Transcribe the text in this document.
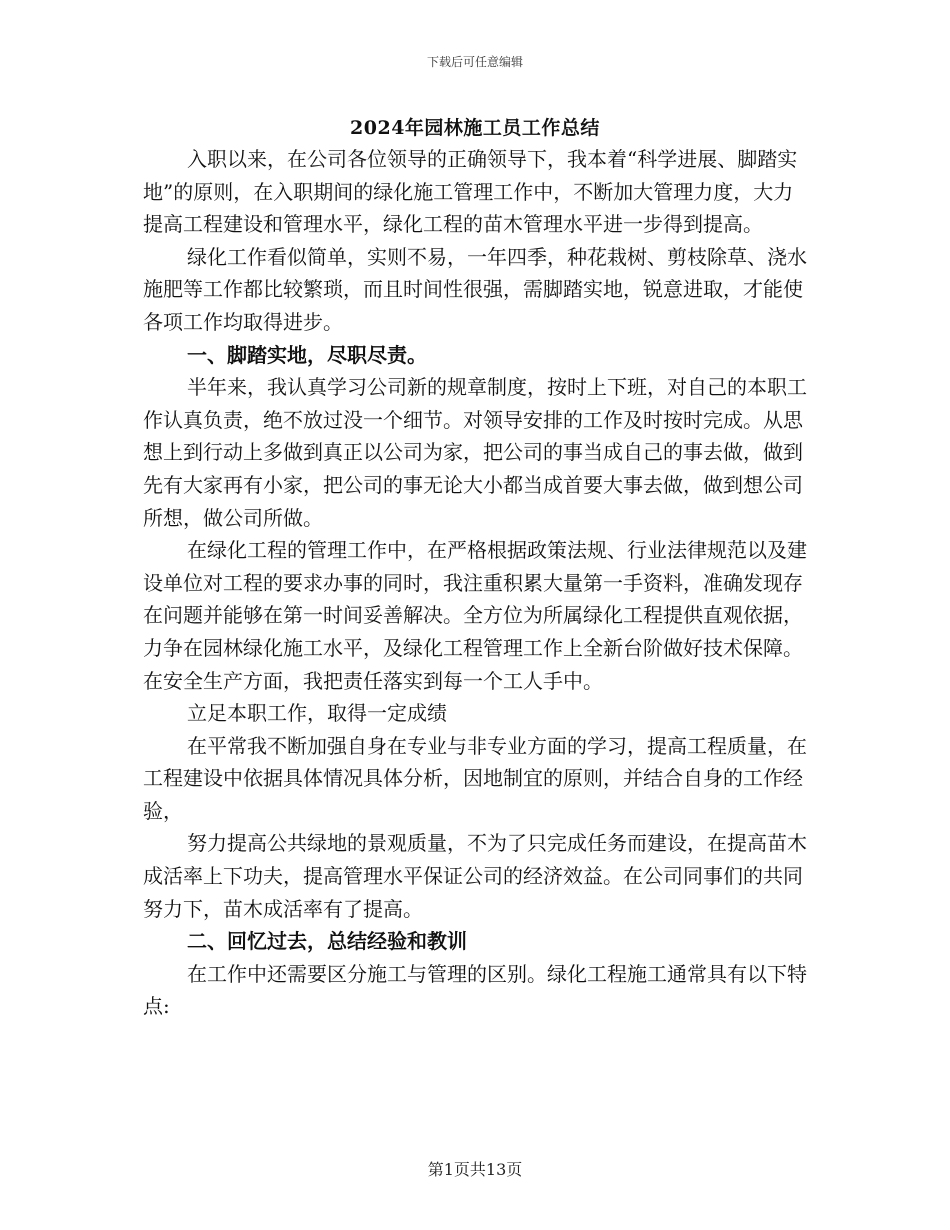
下载后可任意编辑
2024年园林施工员工作总结

入职以来，在公司各位领导的正确领导下，我本着“科学进展、脚踏实地”的原则，在入职期间的绿化施工管理工作中，不断加大管理力度，大力提高工程建设和管理水平，绿化工程的苗木管理水平进一步得到提高。

绿化工作看似简单，实则不易，一年四季，种花栽树、剪枝除草、浇水施肥等工作都比较繁琐，而且时间性很强，需脚踏实地，锐意进取，才能使各项工作均取得进步。

一、脚踏实地，尽职尽责。

半年来，我认真学习公司新的规章制度，按时上下班，对自己的本职工作认真负责，绝不放过没一个细节。对领导安排的工作及时按时完成。从思想上到行动上多做到真正以公司为家，把公司的事当成自己的事去做，做到先有大家再有小家，把公司的事无论大小都当成首要大事去做，做到想公司所想，做公司所做。

在绿化工程的管理工作中，在严格根据政策法规、行业法律规范以及建设单位对工程的要求办事的同时，我注重积累大量第一手资料，准确发现存在问题并能够在第一时间妥善解决。全方位为所属绿化工程提供直观依据，力争在园林绿化施工水平，及绿化工程管理工作上全新台阶做好技术保障。在安全生产方面，我把责任落实到每一个工人手中。

立足本职工作，取得一定成绩

在平常我不断加强自身在专业与非专业方面的学习，提高工程质量，在工程建设中依据具体情况具体分析，因地制宜的原则，并结合自身的工作经验，

努力提高公共绿地的景观质量，不为了只完成任务而建设，在提高苗木成活率上下功夫，提高管理水平保证公司的经济效益。在公司同事们的共同努力下，苗木成活率有了提高。

二、回忆过去，总结经验和教训

在工作中还需要区分施工与管理的区别。绿化工程施工通常具有以下特点:

第1页共13页
